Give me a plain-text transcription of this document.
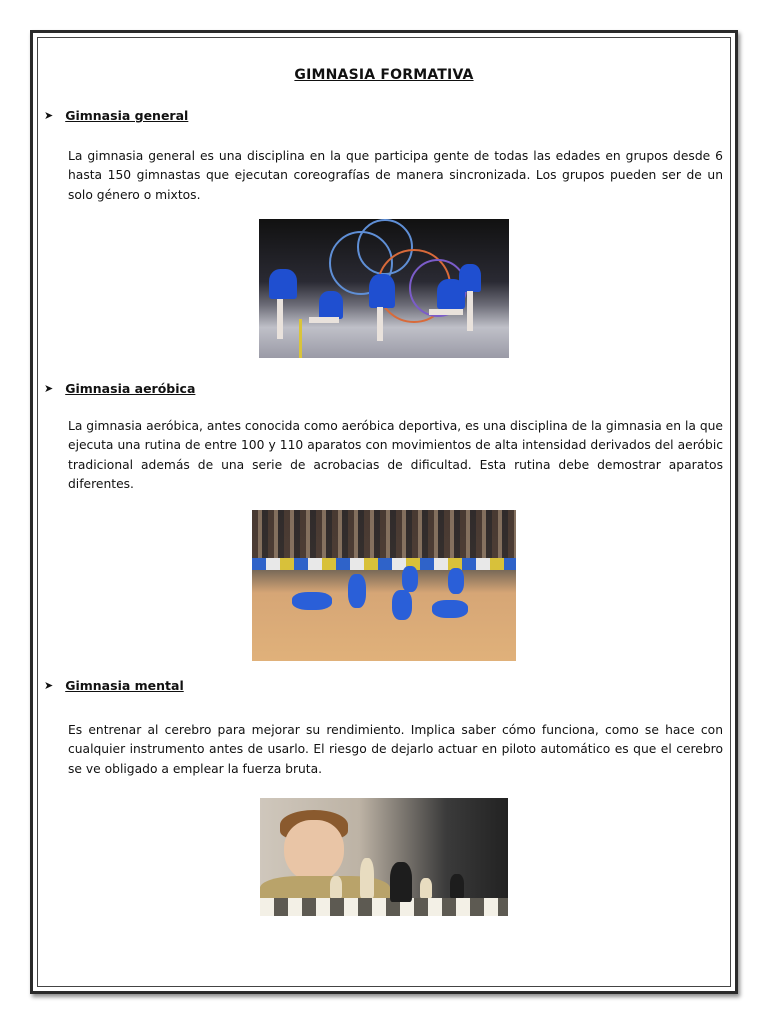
GIMNASIA FORMATIVA
➤ Gimnasia general
La gimnasia general es una disciplina en la que participa gente de todas las edades en grupos desde 6 hasta 150 gimnastas que ejecutan coreografías de manera sincronizada. Los grupos pueden ser de un solo género o mixtos.
➤ Gimnasia aeróbica
La gimnasia aeróbica, antes conocida como aeróbica deportiva, es una disciplina de la gimnasia en la que ejecuta una rutina de entre 100 y 110 aparatos con movimientos de alta intensidad derivados del aeróbic tradicional además de una serie de acrobacias de dificultad. Esta rutina debe demostrar aparatos diferentes.
➤ Gimnasia mental
Es entrenar al cerebro para mejorar su rendimiento. Implica saber cómo funciona, como se hace con cualquier instrumento antes de usarlo. El riesgo de dejarlo actuar en piloto automático es que el cerebro se ve obligado a emplear la fuerza bruta.
